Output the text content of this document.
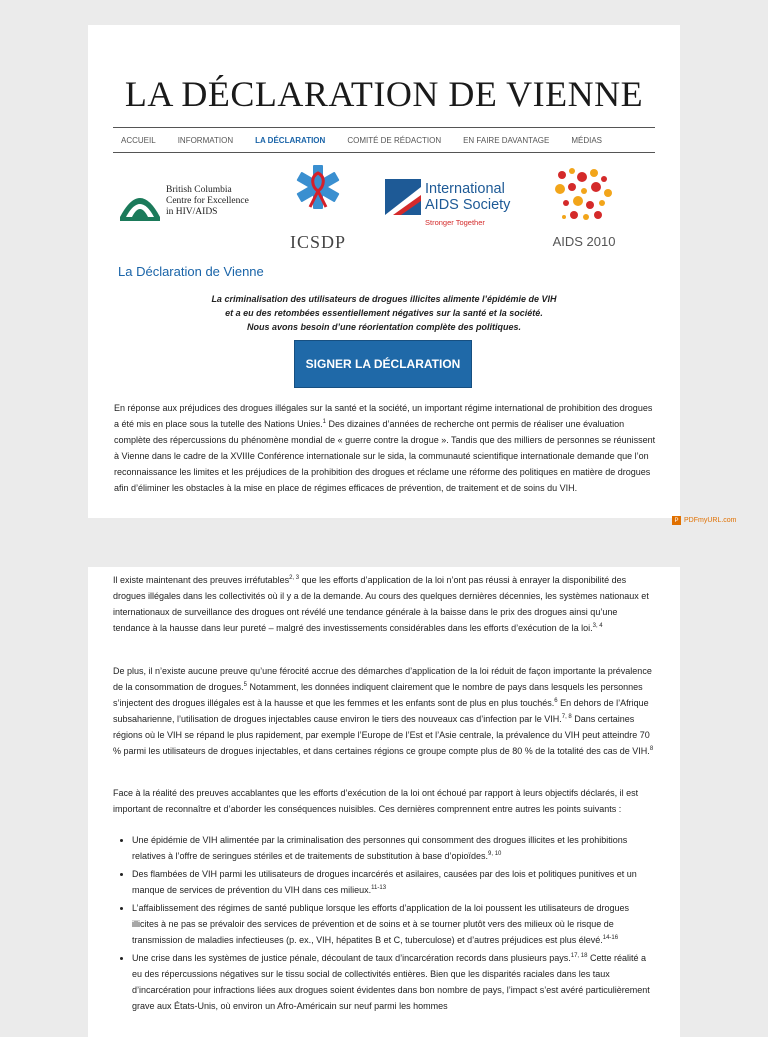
LA DÉCLARATION DE VIENNE
ACCUEIL	INFORMATION	LA DÉCLARATION	COMITÉ DE RÉDACTION	EN FAIRE DAVANTAGE	MÉDIAS
British Columbia
Centre for Excellence
in HIV/AIDS
ICSDP
International
AIDS Society
Stronger Together
AIDS 2010
La Déclaration de Vienne
La criminalisation des utilisateurs de drogues illicites alimente l’épidémie de VIH
et a eu des retombées essentiellement négatives sur la santé et la société.
Nous avons besoin d’une réorientation complète des politiques.
SIGNER LA DÉCLARATION

En réponse aux préjudices des drogues illégales sur la santé et la société, un important régime international de prohibition des drogues a été mis en place sous la tutelle des Nations Unies.$^1$ Des dizaines d’années de recherche ont permis de réaliser une évaluation complète des répercussions du phénomène mondial de « guerre contre la drogue ». Tandis que des milliers de personnes se réunissent à Vienne dans le cadre de la XVIIIe Conférence internationale sur le sida, la communauté scientifique internationale demande que l’on reconnaissance les limites et les préjudices de la prohibition des drogues et réclame une réforme des politiques en matière de drogues afin d’éliminer les obstacles à la mise en place de régimes efficaces de prévention, de traitement et de soins du VIH.

P PDFmyURL.com

Il existe maintenant des preuves irréfutables$^{2, 3}$ que les efforts d’application de la loi n’ont pas réussi à enrayer la disponibilité des drogues illégales dans les collectivités où il y a de la demande. Au cours des quelques dernières décennies, les systèmes nationaux et internationaux de surveillance des drogues ont révélé une tendance générale à la baisse dans le prix des drogues ainsi qu’une tendance à la hausse dans leur pureté – malgré des investissements considérables dans les efforts d’exécution de la loi.$^{3, 4}$

De plus, il n’existe aucune preuve qu’une férocité accrue des démarches d’application de la loi réduit de façon importante la prévalence de la consommation de drogues.$^5$ Notamment, les données indiquent clairement que le nombre de pays dans lesquels les personnes s’injectent des drogues illégales est à la hausse et que les femmes et les enfants sont de plus en plus touchés.$^6$ En dehors de l’Afrique subsaharienne, l’utilisation de drogues injectables cause environ le tiers des nouveaux cas d’infection par le VIH.$^{7, 8}$ Dans certaines régions où le VIH se répand le plus rapidement, par exemple l’Europe de l’Est et l’Asie centrale, la prévalence du VIH peut atteindre 70 % parmi les utilisateurs de drogues injectables, et dans certaines régions ce groupe compte plus de 80 % de la totalité des cas de VIH.$^8$

Face à la réalité des preuves accablantes que les efforts d’exécution de la loi ont échoué par rapport à leurs objectifs déclarés, il est important de reconnaître et d’aborder les conséquences nuisibles. Ces dernières comprennent entre autres les points suivants :

• Une épidémie de VIH alimentée par la criminalisation des personnes qui consomment des drogues illicites et les prohibitions relatives à l’offre de seringues stériles et de traitements de substitution à base d’opioïdes.$^{9, 10}$
• Des flambées de VIH parmi les utilisateurs de drogues incarcérés et asilaires, causées par des lois et politiques punitives et un manque de services de prévention du VIH dans ces milieux.$^{11-13}$
• L’affaiblissement des régimes de santé publique lorsque les efforts d’application de la loi poussent les utilisateurs de drogues illicites à ne pas se prévaloir des services de prévention et de soins et à se tourner plutôt vers des milieux où le risque de transmission de maladies infectieuses (p. ex., VIH, hépatites B et C, tuberculose) et d’autres préjudices est plus élevé.$^{14-16}$
• Une crise dans les systèmes de justice pénale, découlant de taux d’incarcération records dans plusieurs pays.$^{17, 18}$ Cette réalité a eu des répercussions négatives sur le tissu social de collectivités entières. Bien que les disparités raciales dans les taux d’incarcération pour infractions liées aux drogues soient évidentes dans bon nombre de pays, l’impact s’est avéré particulièrement grave aux États-Unis, où environ un Afro-Américain sur neuf parmi les hommes
